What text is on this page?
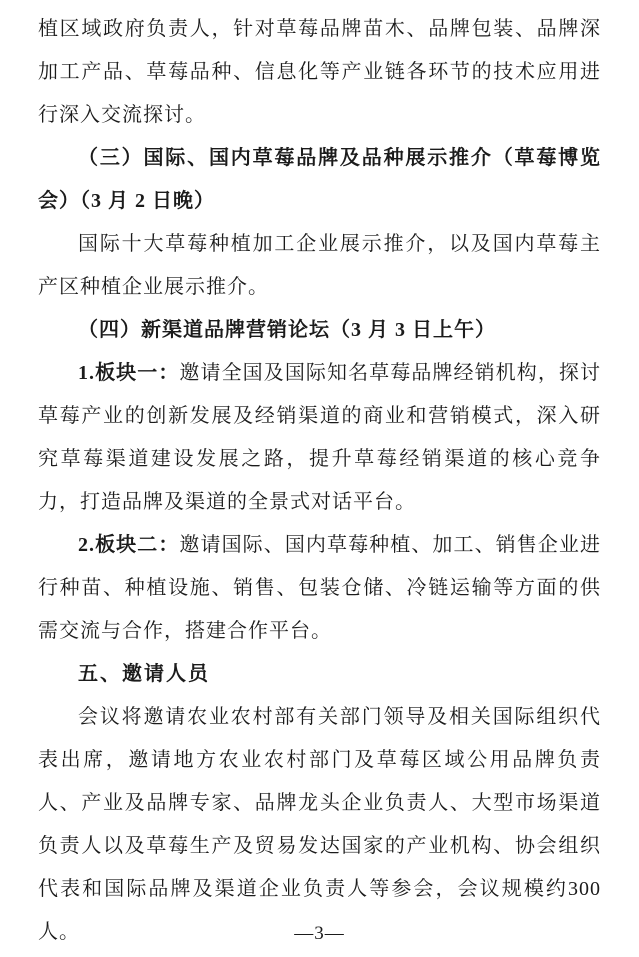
植区域政府负责人，针对草莓品牌苗木、品牌包装、品牌深加工产品、草莓品种、信息化等产业链各环节的技术应用进行深入交流探讨。

（三）国际、国内草莓品牌及品种展示推介（草莓博览会）（3 月 2 日晚）

国际十大草莓种植加工企业展示推介，以及国内草莓主产区种植企业展示推介。

（四）新渠道品牌营销论坛（3 月 3 日上午）

1.板块一：邀请全国及国际知名草莓品牌经销机构，探讨草莓产业的创新发展及经销渠道的商业和营销模式，深入研究草莓渠道建设发展之路，提升草莓经销渠道的核心竞争力，打造品牌及渠道的全景式对话平台。

2.板块二：邀请国际、国内草莓种植、加工、销售企业进行种苗、种植设施、销售、包装仓储、冷链运输等方面的供需交流与合作，搭建合作平台。

五、邀请人员

会议将邀请农业农村部有关部门领导及相关国际组织代表出席，邀请地方农业农村部门及草莓区域公用品牌负责人、产业及品牌专家、品牌龙头企业负责人、大型市场渠道负责人以及草莓生产及贸易发达国家的产业机构、协会组织代表和国际品牌及渠道企业负责人等参会，会议规模约300人。	—3—
